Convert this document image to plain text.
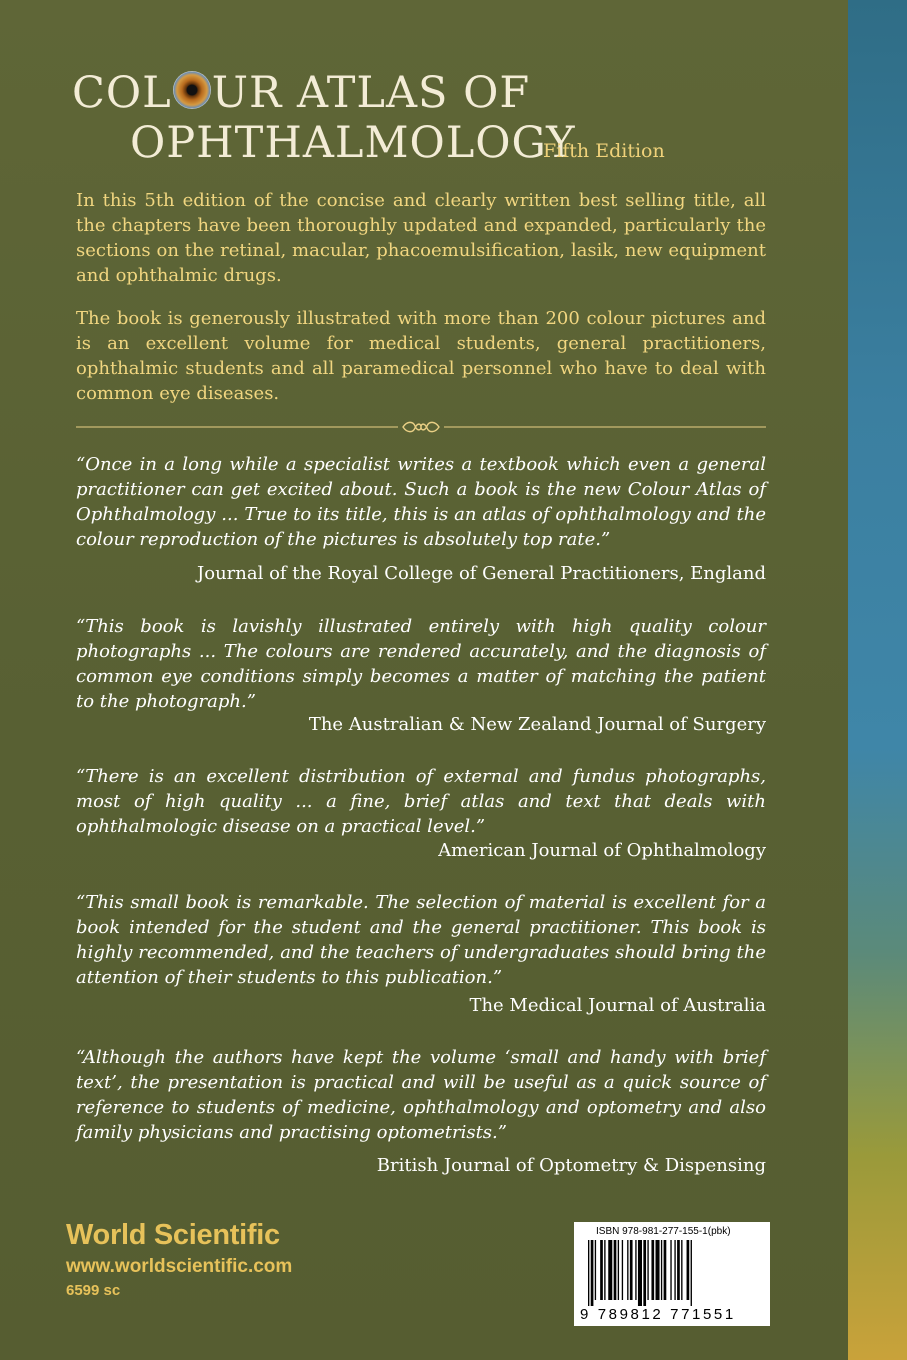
COL UR ATLAS OF
OPHTHALMOLOGY
Fifth Edition

In this 5th edition of the concise and clearly written best selling title, all the chapters have been thoroughly updated and expanded, particularly the sections on the retinal, macular, phacoemulsification, lasik, new equipment and ophthalmic drugs.

The book is generously illustrated with more than 200 colour pictures and is an excellent volume for medical students, general practitioners, ophthalmic students and all paramedical personnel who have to deal with common eye diseases.

“Once in a long while a specialist writes a textbook which even a general practitioner can get excited about. Such a book is the new Colour Atlas of Ophthalmology ... True to its title, this is an atlas of ophthalmology and the colour reproduction of the pictures is absolutely top rate.”

Journal of the Royal College of General Practitioners, England

“This book is lavishly illustrated entirely with high quality colour photographs ... The colours are rendered accurately, and the diagnosis of common eye conditions simply becomes a matter of matching the patient to the photograph.”

The Australian & New Zealand Journal of Surgery

“There is an excellent distribution of external and fundus photographs, most of high quality ... a fine, brief atlas and text that deals with ophthalmologic disease on a practical level.”

American Journal of Ophthalmology

“This small book is remarkable. The selection of material is excellent for a book intended for the student and the general practitioner. This book is highly recommended, and the teachers of undergraduates should bring the attention of their students to this publication.”

The Medical Journal of Australia

“Although the authors have kept the volume ‘small and handy with brief text’, the presentation is practical and will be useful as a quick source of reference to students of medicine, ophthalmology and optometry and also family physicians and practising optometrists.”

British Journal of Optometry & Dispensing
World Scientific
www.worldscientific.com
6599 sc
ISBN 978-981-277-155-1(pbk)
9 789812 771551
